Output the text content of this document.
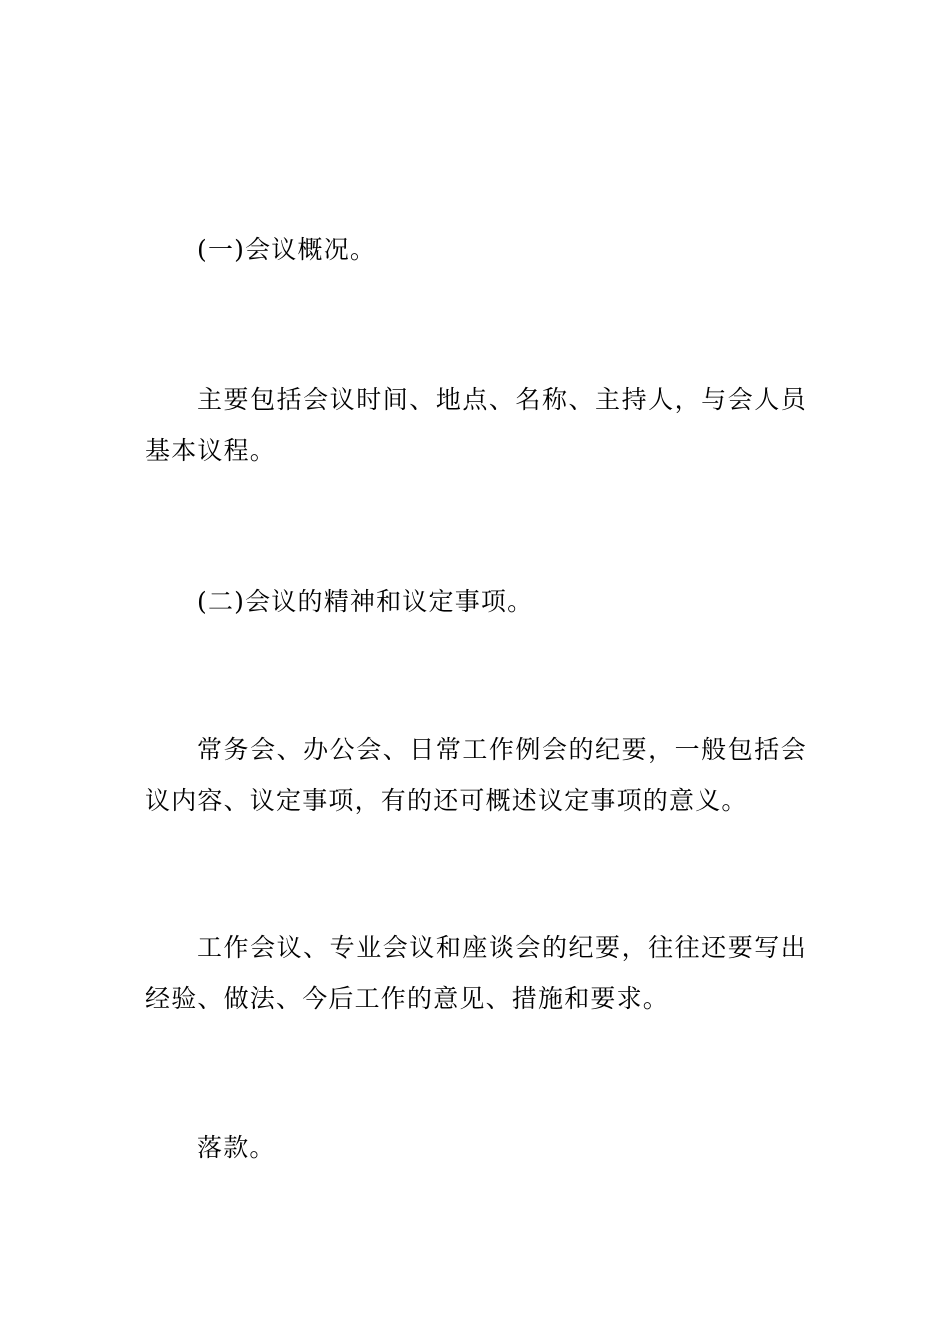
(一)会议概况。

主要包括会议时间、地点、名称、主持人，与会人员基本议程。

(二)会议的精神和议定事项。

常务会、办公会、日常工作例会的纪要，一般包括会议内容、议定事项，有的还可概述议定事项的意义。

工作会议、专业会议和座谈会的纪要，往往还要写出经验、做法、今后工作的意见、措施和要求。

落款。
